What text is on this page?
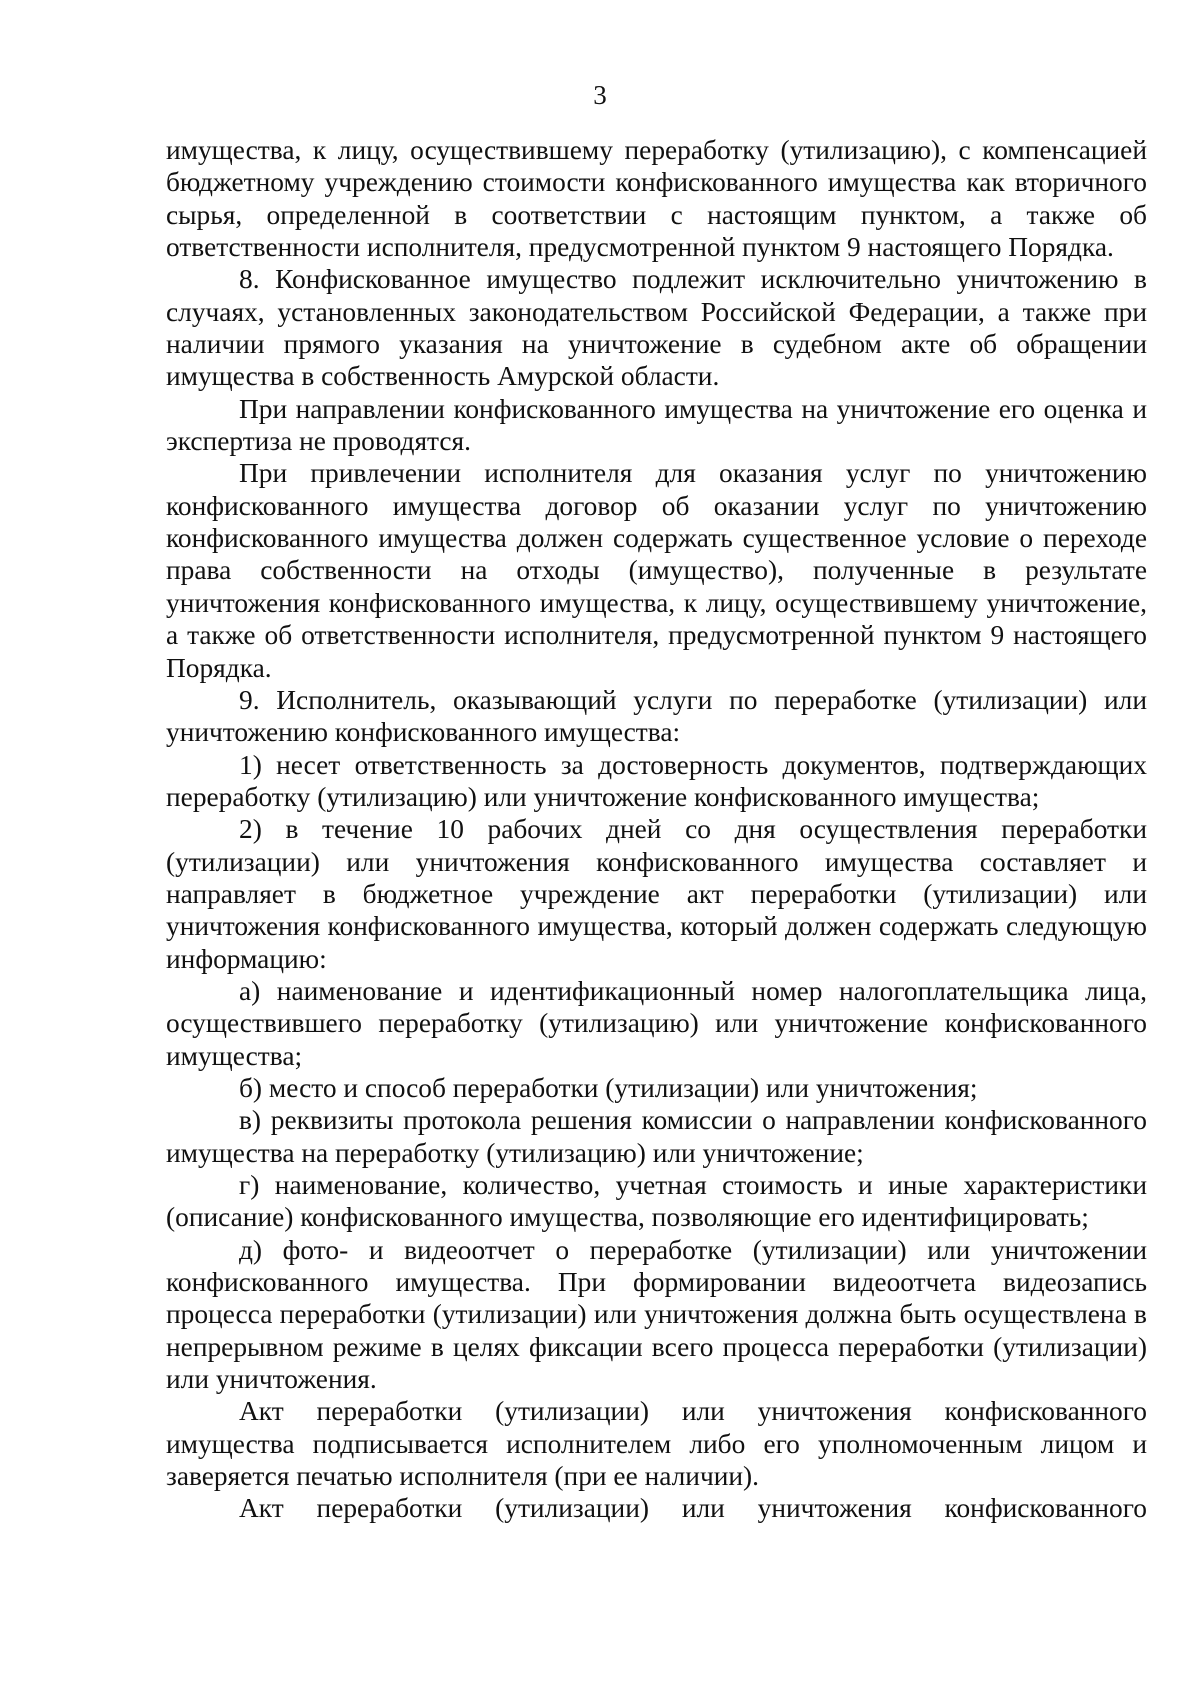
3

имущества, к лицу, осуществившему переработку (утилизацию), с компенсацией бюджетному учреждению стоимости конфискованного имущества как вторичного сырья, определенной в соответствии с настоящим пунктом, а также об ответственности исполнителя, предусмотренной пунктом 9 настоящего Порядка.

8. Конфискованное имущество подлежит исключительно уничтожению в случаях, установленных законодательством Российской Федерации, а также при наличии прямого указания на уничтожение в судебном акте об обращении имущества в собственность Амурской области.

При направлении конфискованного имущества на уничтожение его оценка и экспертиза не проводятся.

При привлечении исполнителя для оказания услуг по уничтожению конфискованного имущества договор об оказании услуг по уничтожению конфискованного имущества должен содержать существенное условие о переходе права собственности на отходы (имущество), полученные в результате уничтожения конфискованного имущества, к лицу, осуществившему уничтожение, а также об ответственности исполнителя, предусмотренной пунктом 9 настоящего Порядка.

9. Исполнитель, оказывающий услуги по переработке (утилизации) или уничтожению конфискованного имущества:

1) несет ответственность за достоверность документов, подтверждающих переработку (утилизацию) или уничтожение конфискованного имущества;

2) в течение 10 рабочих дней со дня осуществления переработки (утилизации) или уничтожения конфискованного имущества составляет и направляет в бюджетное учреждение акт переработки (утилизации) или уничтожения конфискованного имущества, который должен содержать следующую информацию:

а) наименование и идентификационный номер налогоплательщика лица, осуществившего переработку (утилизацию) или уничтожение конфискованного имущества;

б) место и способ переработки (утилизации) или уничтожения;

в) реквизиты протокола решения комиссии о направлении конфискованного имущества на переработку (утилизацию) или уничтожение;

г) наименование, количество, учетная стоимость и иные характеристики (описание) конфискованного имущества, позволяющие его идентифицировать;

д) фото- и видеоотчет о переработке (утилизации) или уничтожении конфискованного имущества. При формировании видеоотчета видеозапись процесса переработки (утилизации) или уничтожения должна быть осуществлена в непрерывном режиме в целях фиксации всего процесса переработки (утилизации) или уничтожения.

Акт переработки (утилизации) или уничтожения конфискованного имущества подписывается исполнителем либо его уполномоченным лицом и заверяется печатью исполнителя (при ее наличии).

Акт переработки (утилизации) или уничтожения конфискованного
